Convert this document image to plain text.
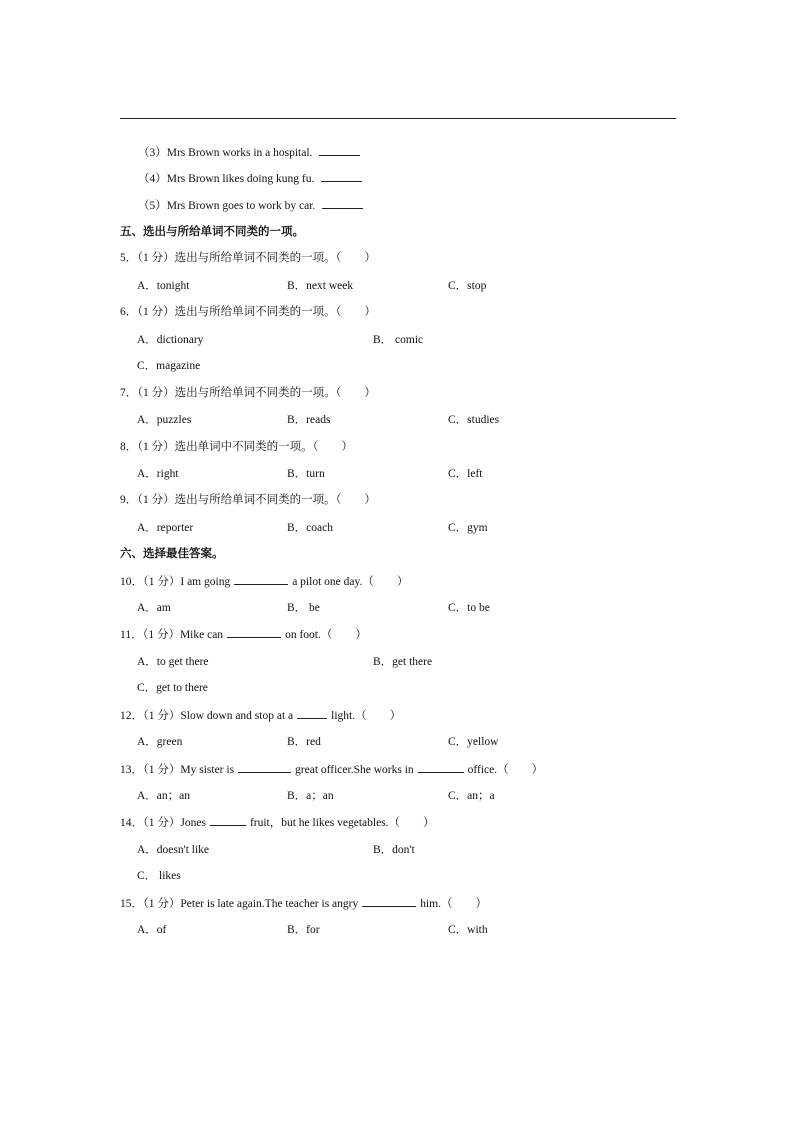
（3）Mrs Brown works in a hospital.
（4）Mrs Brown likes doing kung fu.
（5）Mrs Brown goes to work by car.
五、选出与所给单词不同类的一项。
5．（1 分）选出与所给单词不同类的一项。（　　）
A．tonight	B．next week	C．stop
6．（1 分）选出与所给单词不同类的一项。（　　）
A．dictionary	B． comic
C．magazine
7．（1 分）选出与所给单词不同类的一项。（　　）
A．puzzles	B．reads	C．studies
8．（1 分）选出单词中不同类的一项。（　　）
A．right	B．turn	C．left
9．（1 分）选出与所给单词不同类的一项。（　　）
A．reporter	B．coach	C．gym
六、选择最佳答案。
10．（1 分）I am going	a pilot one day.（　　）
A．am	B． be	C．to be
11．（1 分）Mike can	on foot.（　　）
A．to get there	B．get there
C．get to there
12．（1 分）Slow down and stop at a	light.（　　）
A．green	B．red	C．yellow
13．（1 分）My sister is	great officer.She works in	office.（　　）
A．an；an	B．a；an	C．an；a
14．（1 分）Jones	fruit，but he likes vegetables.（　　）
A．doesn't like	B．don't
C． likes
15．（1 分）Peter is late again.The teacher is angry	him.（　　）
A．of	B．for	C．with
